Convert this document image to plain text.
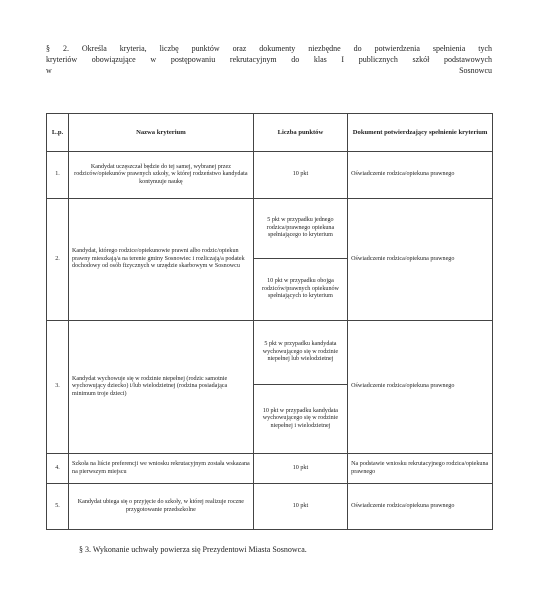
§ 2. Określa kryteria, liczbę punktów oraz dokumenty niezbędne do potwierdzenia spełnienia tych
kryteriów obowiązujące w postępowaniu rekrutacyjnym do klas I publicznych szkół podstawowych
w	Sosnowcu
L.p.	Nazwa kryterium	Liczba punktów	Dokument potwierdzający spełnienie kryterium
1.	Kandydat uczęszczał będzie do tej samej, wybranej przez rodziców/opiekunów prawnych szkoły, w której rodzeństwo kandydata kontynuuje naukę	10 pkt	Oświadczenie rodzica/opiekuna prawnego
2.	Kandydat, którego rodzice/opiekunowie prawni albo rodzic/opiekun prawny mieszkają/a na terenie gminy Sosnowiec i rozliczają/a podatek dochodowy od osób fizycznych w urzędzie skarbowym w Sosnowcu	5 pkt w przypadku jednego rodzica/prawnego opiekuna spełniającego to kryterium	Oświadczenie rodzica/opiekuna prawnego
		10 pkt w przypadku obojga rodziców/prawnych opiekunów spełniających to kryterium	
3.	Kandydat wychowuje się w rodzinie niepełnej (rodzic samotnie wychowujący dziecko) i/lub wielodzietnej (rodzina posiadająca minimum troje dzieci)	5 pkt w przypadku kandydata wychowującego się w rodzinie niepełnej lub wielodzietnej	Oświadczenie rodzica/opiekuna prawnego
		10 pkt w przypadku kandydata wychowującego się w rodzinie niepełnej i wielodzietnej	
4.	Szkoła na liście preferencji we wniosku rekrutacyjnym została wskazana na pierwszym miejscu	10 pkt	Na podstawie wniosku rekrutacyjnego rodzica/opiekuna prawnego
5.	Kandydat ubiega się o przyjęcie do szkoły, w której realizuje roczne przygotowanie przedszkolne	10 pkt	Oświadczenie rodzica/opiekuna prawnego
§ 3. Wykonanie uchwały powierza się Prezydentowi Miasta Sosnowca.
